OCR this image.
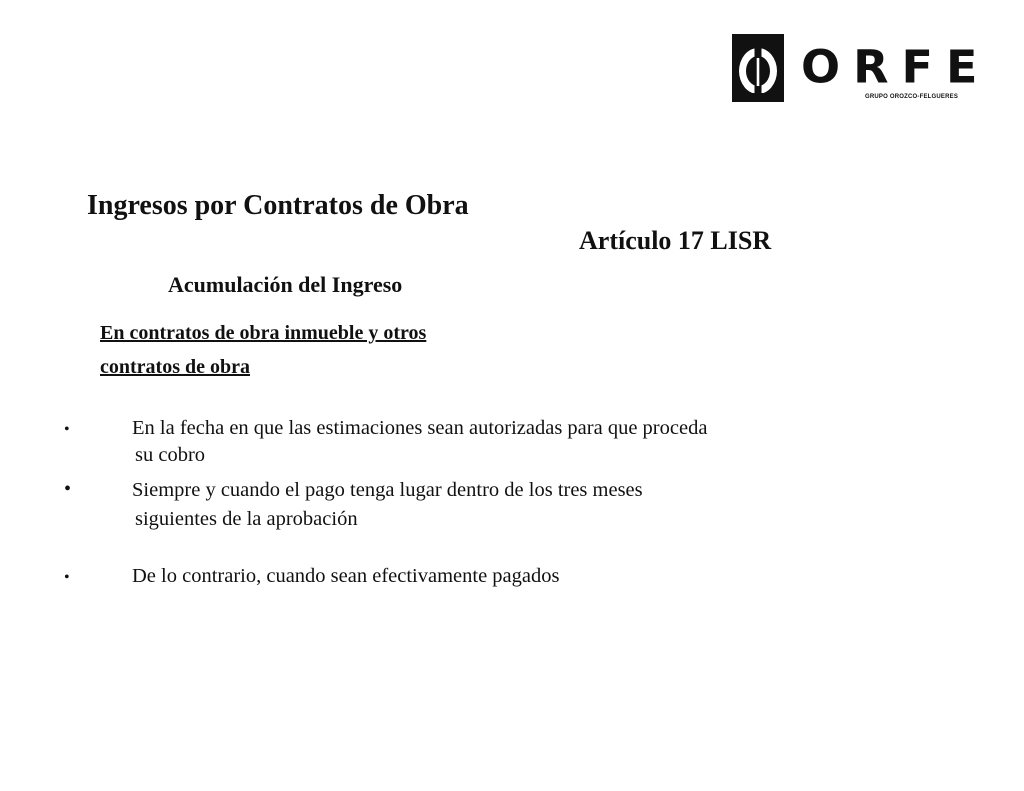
ORFE
GRUPO OROZCO-FELGUERES
Ingresos por Contratos de Obra
Artículo 17 LISR
Acumulación del Ingreso
En contratos de obra inmueble y otros
contratos de obra
•	En la fecha en que las estimaciones sean autorizadas para que proceda
su cobro
•	Siempre y cuando el pago tenga lugar dentro de los tres meses
siguientes de la aprobación
•	De lo contrario, cuando sean efectivamente pagados
